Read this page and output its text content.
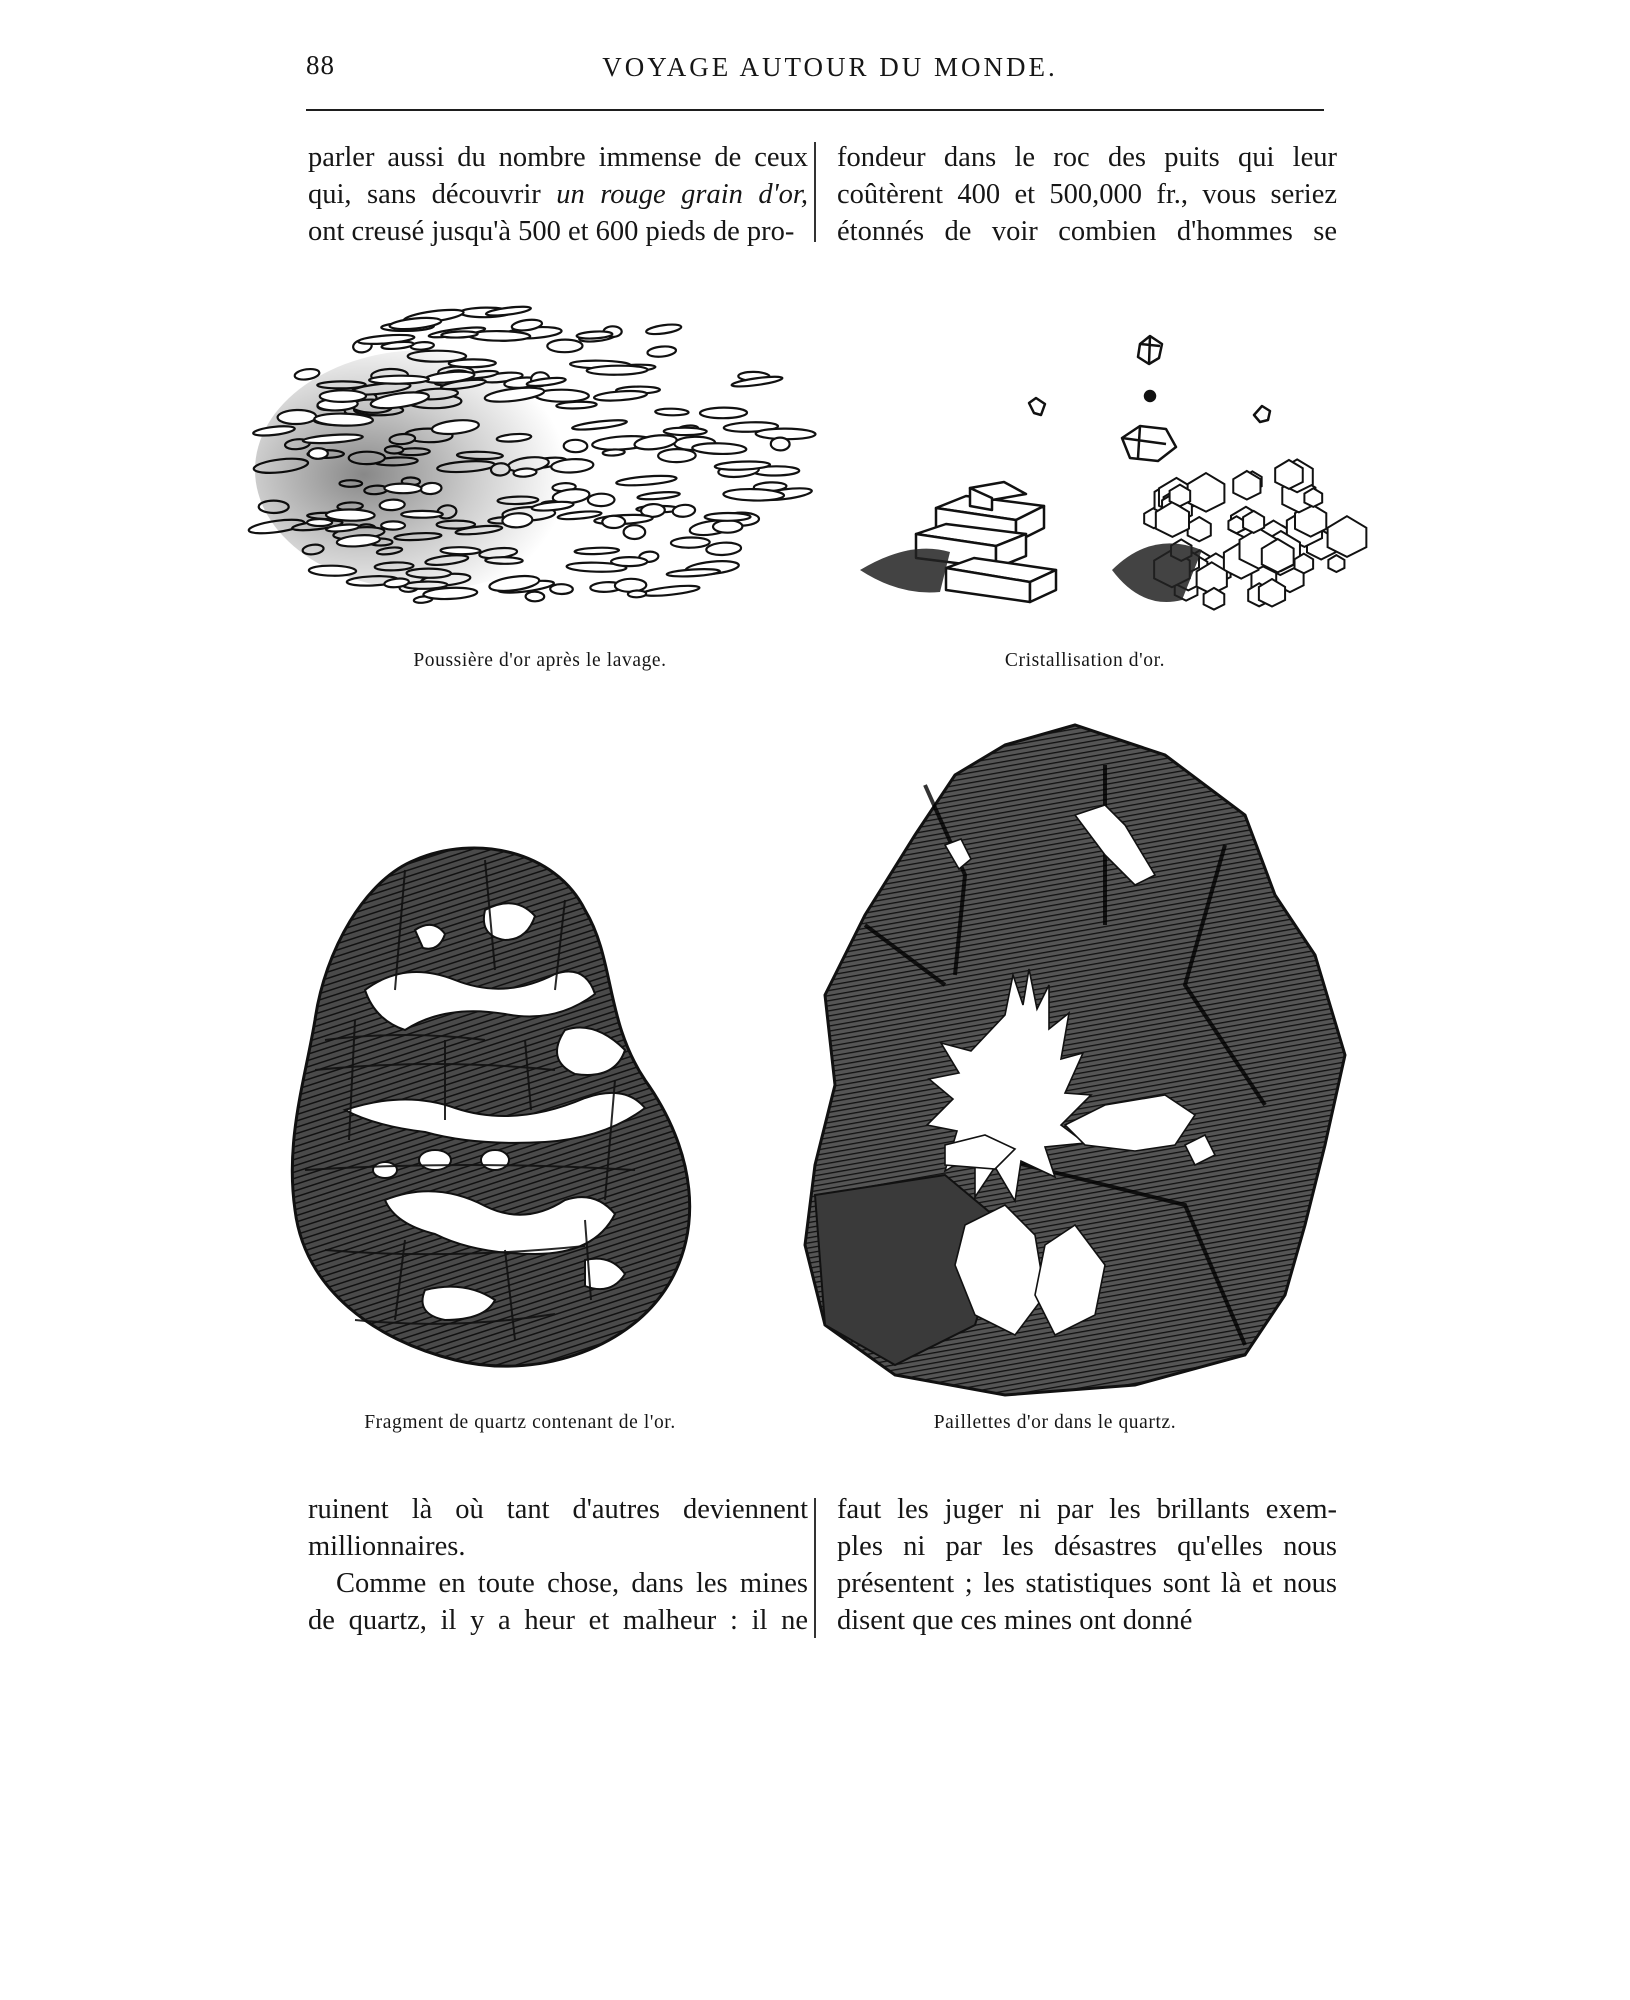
88	VOYAGE AUTOUR DU MONDE.
parler aussi du nombre immense de ceux
qui, sans découvrir un rouge grain d'or,
ont creusé jusqu'à 500 et 600 pieds de pro-
fondeur dans le roc des puits qui leur
coûtèrent 400 et 500,000 fr., vous seriez
étonnés de voir combien d'hommes se
Poussière d'or après le lavage.	Cristallisation d'or.
Fragment de quartz contenant de l'or.	Paillettes d'or dans le quartz.
ruinent là où tant d'autres deviennent
millionnaires.
Comme en toute chose, dans les mines
de quartz, il y a heur et malheur : il ne
faut les juger ni par les brillants exem-
ples ni par les désastres qu'elles nous
présentent ; les statistiques sont là et nous
disent que ces mines ont donné
